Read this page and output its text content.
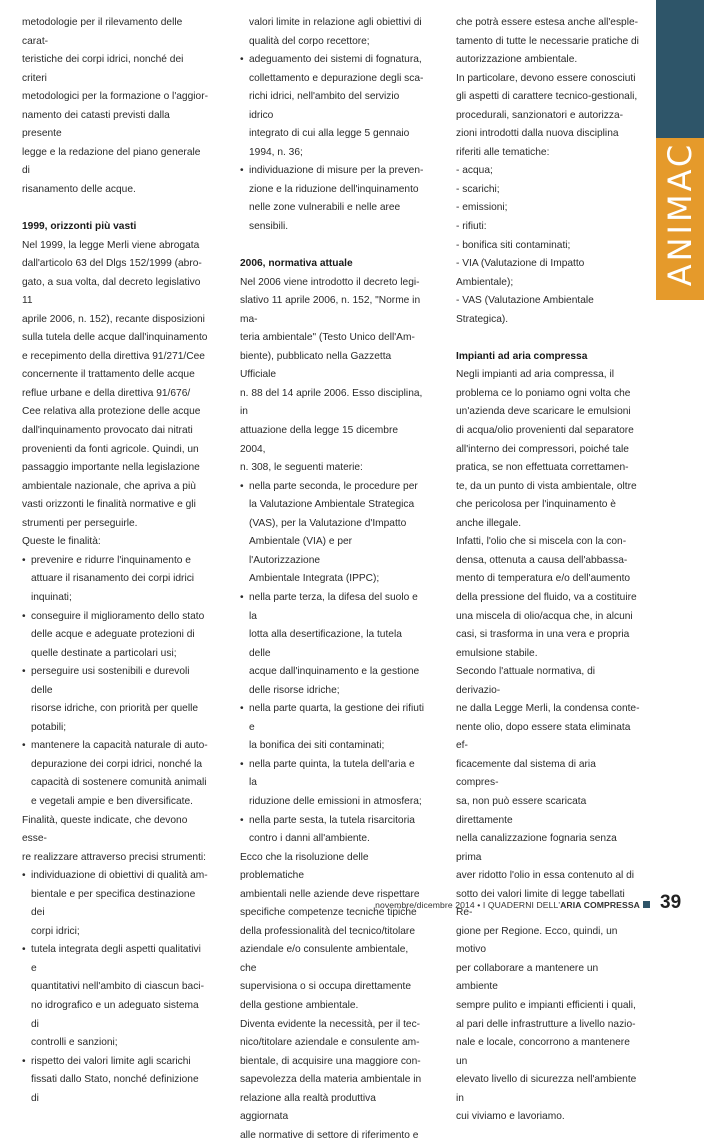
ANIMAC

metodologie per il rilevamento delle carat-

teristiche dei corpi idrici, nonché dei criteri

metodologici per la formazione o l'aggior-

namento dei catasti previsti dalla presente

legge e la redazione del piano generale di

risanamento delle acque.

1999, orizzonti più vasti

Nel 1999, la legge Merli viene abrogata

dall'articolo 63 del Dlgs 152/1999 (abro-

gato, a sua volta, dal decreto legislativo 11

aprile 2006, n. 152), recante disposizioni

sulla tutela delle acque dall'inquinamento

e recepimento della direttiva 91/271/Cee

concernente il trattamento delle acque

reflue urbane e della direttiva 91/676/

Cee relativa alla protezione delle acque

dall'inquinamento provocato dai nitrati

provenienti da fonti agricole. Quindi, un

passaggio importante nella legislazione

ambientale nazionale, che apriva a più

vasti orizzonti le finalità normative e gli

strumenti per perseguirle.

Queste le finalità:

• prevenire e ridurre l'inquinamento e
attuare il risanamento dei corpi idrici
inquinati;
• conseguire il miglioramento dello stato
delle acque e adeguate protezioni di
quelle destinate a particolari usi;
• perseguire usi sostenibili e durevoli delle
risorse idriche, con priorità per quelle
potabili;
• mantenere la capacità naturale di auto-
depurazione dei corpi idrici, nonché la
capacità di sostenere comunità animali
e vegetali ampie e ben diversificate.

Finalità, queste indicate, che devono esse-

re realizzare attraverso precisi strumenti:

• individuazione di obiettivi di qualità am-
bientale e per specifica destinazione dei
corpi idrici;
• tutela integrata degli aspetti qualitativi e
quantitativi nell'ambito di ciascun baci-
no idrografico e un adeguato sistema di
controlli e sanzioni;
• rispetto dei valori limite agli scarichi
fissati dallo Stato, nonché definizione di

valori limite in relazione agli obiettivi di

qualità del corpo recettore;

• adeguamento dei sistemi di fognatura,
collettamento e depurazione degli sca-
richi idrici, nell'ambito del servizio idrico
integrato di cui alla legge 5 gennaio
1994, n. 36;
• individuazione di misure per la preven-
zione e la riduzione dell'inquinamento
nelle zone vulnerabili e nelle aree
sensibili.

2006, normativa attuale

Nel 2006 viene introdotto il decreto legi-

slativo 11 aprile 2006, n. 152, "Norme in ma-

teria ambientale" (Testo Unico dell'Am-

biente), pubblicato nella Gazzetta Ufficiale

n. 88 del 14 aprile 2006. Esso disciplina, in

attuazione della legge 15 dicembre 2004,

n. 308, le seguenti materie:

• nella parte seconda, le procedure per
la Valutazione Ambientale Strategica
(VAS), per la Valutazione d'Impatto
Ambientale (VIA) e per l'Autorizzazione
Ambientale Integrata (IPPC);
• nella parte terza, la difesa del suolo e la
lotta alla desertificazione, la tutela delle
acque dall'inquinamento e la gestione
delle risorse idriche;
• nella parte quarta, la gestione dei rifiuti e
la bonifica dei siti contaminati;
• nella parte quinta, la tutela dell'aria e la
riduzione delle emissioni in atmosfera;
• nella parte sesta, la tutela risarcitoria
contro i danni all'ambiente.

Ecco che la risoluzione delle problematiche

ambientali nelle aziende deve rispettare

specifiche competenze tecniche tipiche

della professionalità del tecnico/titolare

aziendale e/o consulente ambientale, che

supervisiona o si occupa direttamente

della gestione ambientale.

Diventa evidente la necessità, per il tec-

nico/titolare aziendale e consulente am-

bientale, di acquisire una maggiore con-

sapevolezza della materia ambientale in

relazione alla realtà produttiva aggiornata

alle normative di settore di riferimento e

che potrà essere estesa anche all'esple-

tamento di tutte le necessarie pratiche di

autorizzazione ambientale.

In particolare, devono essere conosciuti

gli aspetti di carattere tecnico-gestionali,

procedurali, sanzionatori e autorizza-

zioni introdotti dalla nuova disciplina

riferiti alle tematiche:

- acqua;

- scarichi;

- emissioni;

- rifiuti:

- bonifica siti contaminati;

- VIA (Valutazione di Impatto Ambientale);

- VAS (Valutazione Ambientale Strategica).

Impianti ad aria compressa

Negli impianti ad aria compressa, il

problema ce lo poniamo ogni volta che

un'azienda deve scaricare le emulsioni

di acqua/olio provenienti dal separatore

all'interno dei compressori, poiché tale

pratica, se non effettuata correttamen-

te, da un punto di vista ambientale, oltre

che pericolosa per l'inquinamento è

anche illegale.

Infatti, l'olio che si miscela con la con-

densa, ottenuta a causa dell'abbassa-

mento di temperatura e/o dell'aumento

della pressione del fluido, va a costituire

una miscela di olio/acqua che, in alcuni

casi, si trasforma in una vera e propria

emulsione stabile.

Secondo l'attuale normativa, di derivazio-

ne dalla Legge Merli, la condensa conte-

nente olio, dopo essere stata eliminata ef-

ficacemente dal sistema di aria compres-

sa, non può essere scaricata direttamente

nella canalizzazione fognaria senza prima

aver ridotto l'olio in essa contenuto al di

sotto dei valori limite di legge tabellati Re-

gione per Regione. Ecco, quindi, un motivo

per collaborare a mantenere un ambiente

sempre pulito e impianti efficienti i quali,

al pari delle infrastrutture a livello nazio-

nale e locale, concorrono a mantenere un

elevato livello di sicurezza nell'ambiente in

cui viviamo e lavoriamo.

novembre/dicembre 2014 • I QUADERNI DELL'ARIA COMPRESSA	39
